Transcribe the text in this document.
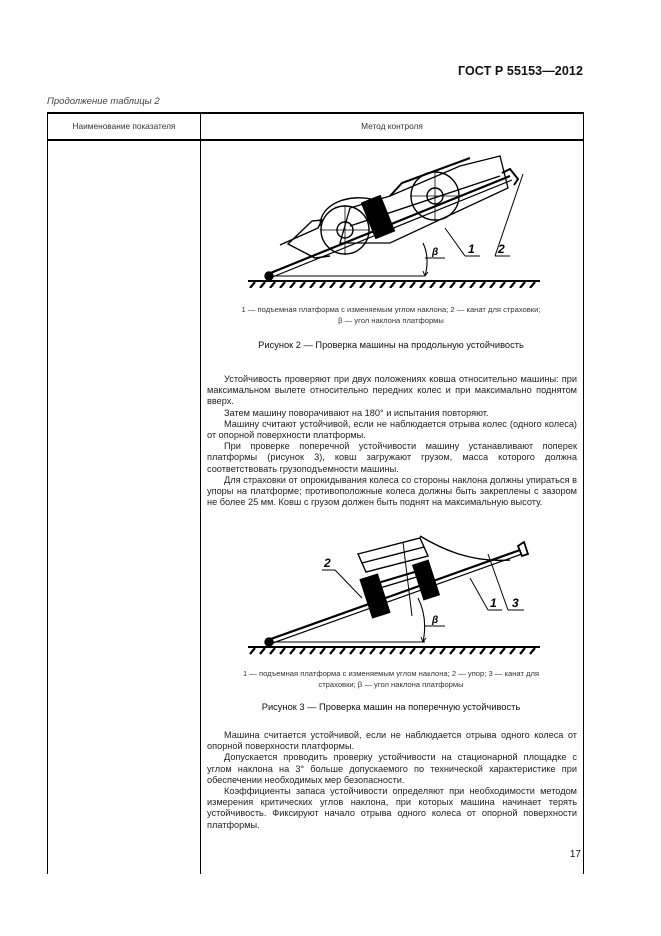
ГОСТ Р 55153—2012
Продолжение таблицы 2
Наименование показателя	Метод контроля
β 1 2
1 — подъемная платформа с изменяемым углом наклона; 2 — канат для страховки;
β — угол наклона платформы
Рисунок 2 — Проверка машины на продольную устойчивость

Устойчивость проверяют при двух положениях ковша относительно машины: при максимальном вылете относительно передних колес и при максимально поднятом вверх.

Затем машину поворачивают на 180° и испытания повторяют.

Машину считают устойчивой, если не наблюдается отрыва колес (одного колеса) от опорной поверхности платформы.

При проверке поперечной устойчивости машину устанавливают поперек платформы (рисунок 3), ковш загружают грузом, масса которого должна соответствовать грузоподъемности машины.

Для страховки от опрокидывания колеса со стороны наклона должны упираться в упоры на платформе; противоположные колеса должны быть закреплены с зазором не более 25 мм. Ковш с грузом должен быть поднят на максимальную высоту.

2
β
1 3
1 — подъемная платформа с изменяемым углом наклона; 2 — упор; 3 — канат для
страховки; β — угол наклона платформы
Рисунок 3 — Проверка машин на поперечную устойчивость

Машина считается устойчивой, если не наблюдается отрыва одного колеса от опорной поверхности платформы.

Допускается проводить проверку устойчивости на стационарной площадке с углом наклона на 3° больше допускаемого по технической характеристике при обеспечении необходимых мер безопасности.

Коэффициенты запаса устойчивости определяют при необходимости методом измерения критических углов наклона, при которых машина начинает терять устойчивость. Фиксируют начало отрыва одного колеса от опорной поверхности платформы.

17
